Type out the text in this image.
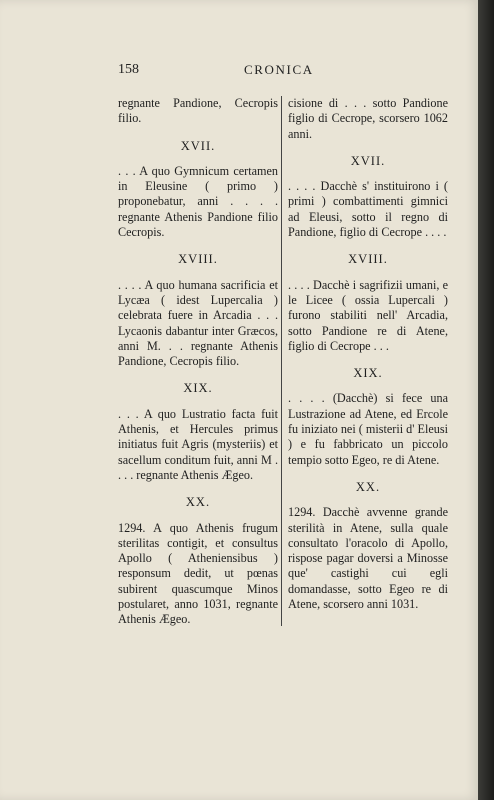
158	CRONICA

regnante Pandione, Cecropis filio.

XVII.

. . . A quo Gymnicum certamen in Eleusine ( primo ) proponebatur, anni . . . . regnante Athenis Pandione filio Cecropis.

XVIII.

. . . . A quo humana sacrificia et Lycæa ( idest Lupercalia ) celebrata fuere in Arcadia . . . Lycaonis dabantur inter Græcos, anni M. . . regnante Athenis Pandione, Cecropis filio.

XIX.

. . . A quo Lustratio facta fuit Athenis, et Hercules primus initiatus fuit Agris (mysteriis) et sacellum conditum fuit, anni M . . . . regnante Athenis Ægeo.

XX.

1294. A quo Athenis frugum sterilitas contigit, et consultus Apollo ( Atheniensibus ) responsum dedit, ut pœnas subirent quascumque Minos postularet, anno 1031, regnante Athenis Ægeo.

cisione di . . . sotto Pandione figlio di Cecrope, scorsero 1062 anni.

XVII.

. . . . Dacchè s' instituirono i ( primi ) combattimenti gimnici ad Eleusi, sotto il regno di Pandione, figlio di Cecrope . . . .

XVIII.

. . . . Dacchè i sagrifizii umani, e le Licee ( ossia Lupercali ) furono stabiliti nell' Arcadia, sotto Pandione re di Atene, figlio di Cecrope . . .

XIX.

. . . . (Dacchè) si fece una Lustrazione ad Atene, ed Ercole fu iniziato nei ( misterii d' Eleusi ) e fu fabbricato un piccolo tempio sotto Egeo, re di Atene.

XX.

1294. Dacchè avvenne grande sterilità in Atene, sulla quale consultato l'oracolo di Apollo, rispose pagar doversi a Minosse que' castighi cui egli domandasse, sotto Egeo re di Atene, scorsero anni 1031.
